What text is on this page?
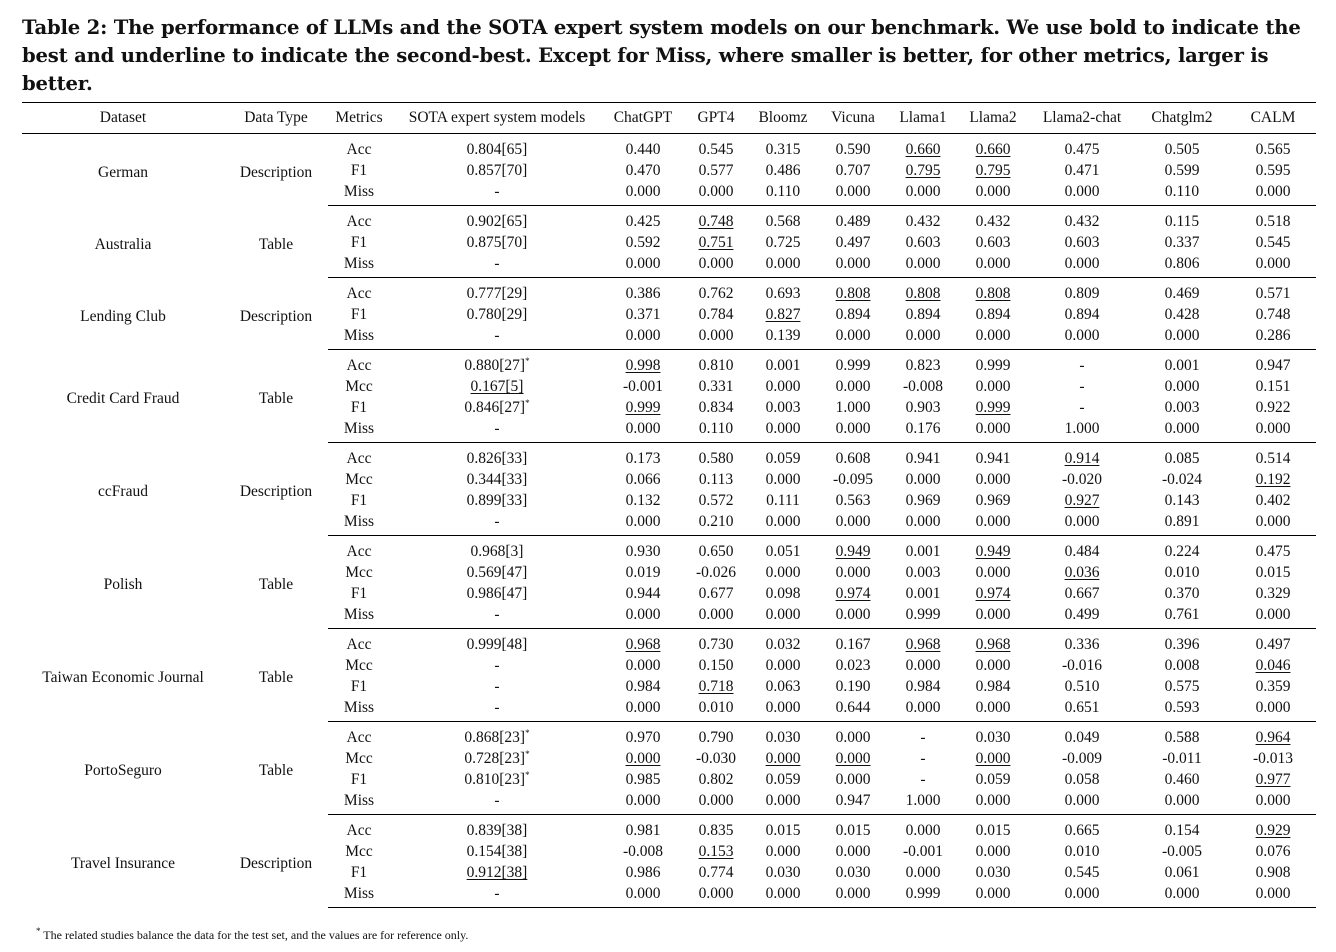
Table 2: The performance of LLMs and the SOTA expert system models on our benchmark. We use bold to indicate the best and underline to indicate the second-best. Except for Miss, where smaller is better, for other metrics, larger is better.
Dataset	Data Type	Metrics	SOTA expert system models	ChatGPT	GPT4	Bloomz	Vicuna	Llama1	Llama2	Llama2-chat	Chatglm2	CALM
German	Description	Acc	0.804[65]	0.440	0.545	0.315	0.590	0.660	0.660	0.475	0.505	0.565
		F1	0.857[70]	0.470	0.577	0.486	0.707	0.795	0.795	0.471	0.599	0.595
		Miss	-	0.000	0.000	0.110	0.000	0.000	0.000	0.000	0.110	0.000
Australia	Table	Acc	0.902[65]	0.425	0.748	0.568	0.489	0.432	0.432	0.432	0.115	0.518
		F1	0.875[70]	0.592	0.751	0.725	0.497	0.603	0.603	0.603	0.337	0.545
		Miss	-	0.000	0.000	0.000	0.000	0.000	0.000	0.000	0.806	0.000
Lending Club	Description	Acc	0.777[29]	0.386	0.762	0.693	0.808	0.808	0.808	0.809	0.469	0.571
		F1	0.780[29]	0.371	0.784	0.827	0.894	0.894	0.894	0.894	0.428	0.748
		Miss	-	0.000	0.000	0.139	0.000	0.000	0.000	0.000	0.000	0.286
Credit Card Fraud	Table	Acc	0.880[27]*	0.998	0.810	0.001	0.999	0.823	0.999	-	0.001	0.947
		Mcc	0.167[5]	-0.001	0.331	0.000	0.000	-0.008	0.000	-	0.000	0.151
		F1	0.846[27]*	0.999	0.834	0.003	1.000	0.903	0.999	-	0.003	0.922
		Miss	-	0.000	0.110	0.000	0.000	0.176	0.000	1.000	0.000	0.000
ccFraud	Description	Acc	0.826[33]	0.173	0.580	0.059	0.608	0.941	0.941	0.914	0.085	0.514
		Mcc	0.344[33]	0.066	0.113	0.000	-0.095	0.000	0.000	-0.020	-0.024	0.192
		F1	0.899[33]	0.132	0.572	0.111	0.563	0.969	0.969	0.927	0.143	0.402
		Miss	-	0.000	0.210	0.000	0.000	0.000	0.000	0.000	0.891	0.000
Polish	Table	Acc	0.968[3]	0.930	0.650	0.051	0.949	0.001	0.949	0.484	0.224	0.475
		Mcc	0.569[47]	0.019	-0.026	0.000	0.000	0.003	0.000	0.036	0.010	0.015
		F1	0.986[47]	0.944	0.677	0.098	0.974	0.001	0.974	0.667	0.370	0.329
		Miss	-	0.000	0.000	0.000	0.000	0.999	0.000	0.499	0.761	0.000
Taiwan Economic Journal	Table	Acc	0.999[48]	0.968	0.730	0.032	0.167	0.968	0.968	0.336	0.396	0.497
		Mcc	-	0.000	0.150	0.000	0.023	0.000	0.000	-0.016	0.008	0.046
		F1	-	0.984	0.718	0.063	0.190	0.984	0.984	0.510	0.575	0.359
		Miss	-	0.000	0.010	0.000	0.644	0.000	0.000	0.651	0.593	0.000
PortoSeguro	Table	Acc	0.868[23]*	0.970	0.790	0.030	0.000	-	0.030	0.049	0.588	0.964
		Mcc	0.728[23]*	0.000	-0.030	0.000	0.000	-	0.000	-0.009	-0.011	-0.013
		F1	0.810[23]*	0.985	0.802	0.059	0.000	-	0.059	0.058	0.460	0.977
		Miss	-	0.000	0.000	0.000	0.947	1.000	0.000	0.000	0.000	0.000
Travel Insurance	Description	Acc	0.839[38]	0.981	0.835	0.015	0.015	0.000	0.015	0.665	0.154	0.929
		Mcc	0.154[38]	-0.008	0.153	0.000	0.000	-0.001	0.000	0.010	-0.005	0.076
		F1	0.912[38]	0.986	0.774	0.030	0.030	0.000	0.030	0.545	0.061	0.908
		Miss	-	0.000	0.000	0.000	0.000	0.999	0.000	0.000	0.000	0.000
* The related studies balance the data for the test set, and the values are for reference only.
